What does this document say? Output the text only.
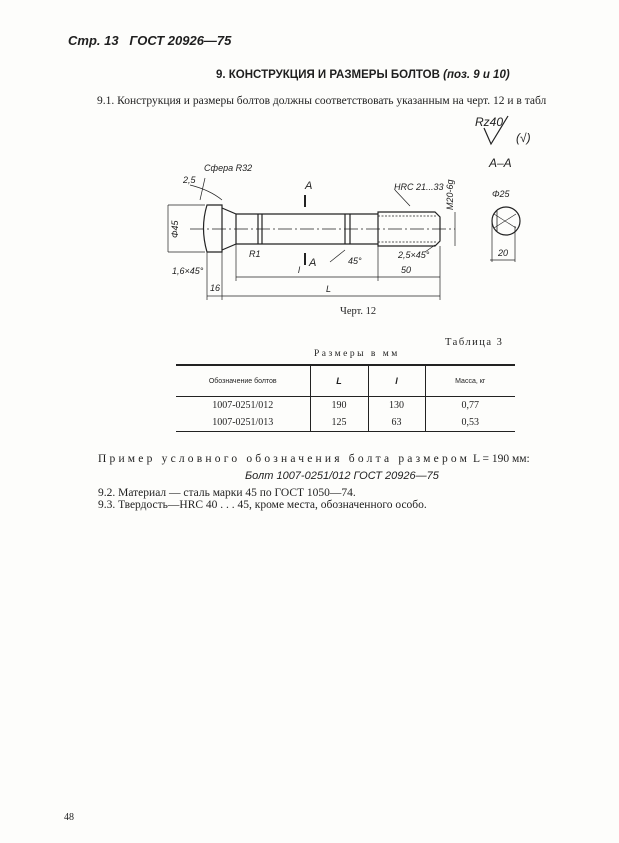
Стр. 13 ГОСТ 20926—75
9. КОНСТРУКЦИЯ И РАЗМЕРЫ БОЛТОВ (поз. 9 и 10)
9.1. Конструкция и размеры болтов должны соответствовать указанным на черт. 12 и в табл
Rz40
(√)
А–А
Сфера R32
2,5
HRC 21...33 М20-6g	Φ25
Φ45
R1
1,6×45°
2,5×45°
45°
l	50
16	L
20
А
А
Черт. 12
Таблица 3
Размеры в мм
Обозначение болтов	L	l	Масса, кг
1007-0251/012	190	130	0,77
1007-0251/013	125	63	0,53
Пример условного обозначения болта размером L = 190 мм:
Болт 1007-0251/012 ГОСТ 20926—75
9.2. Материал — сталь марки 45 по ГОСТ 1050—74.
9.3. Твердость—HRC 40 . . . 45, кроме места, обозначенного особо.
48
